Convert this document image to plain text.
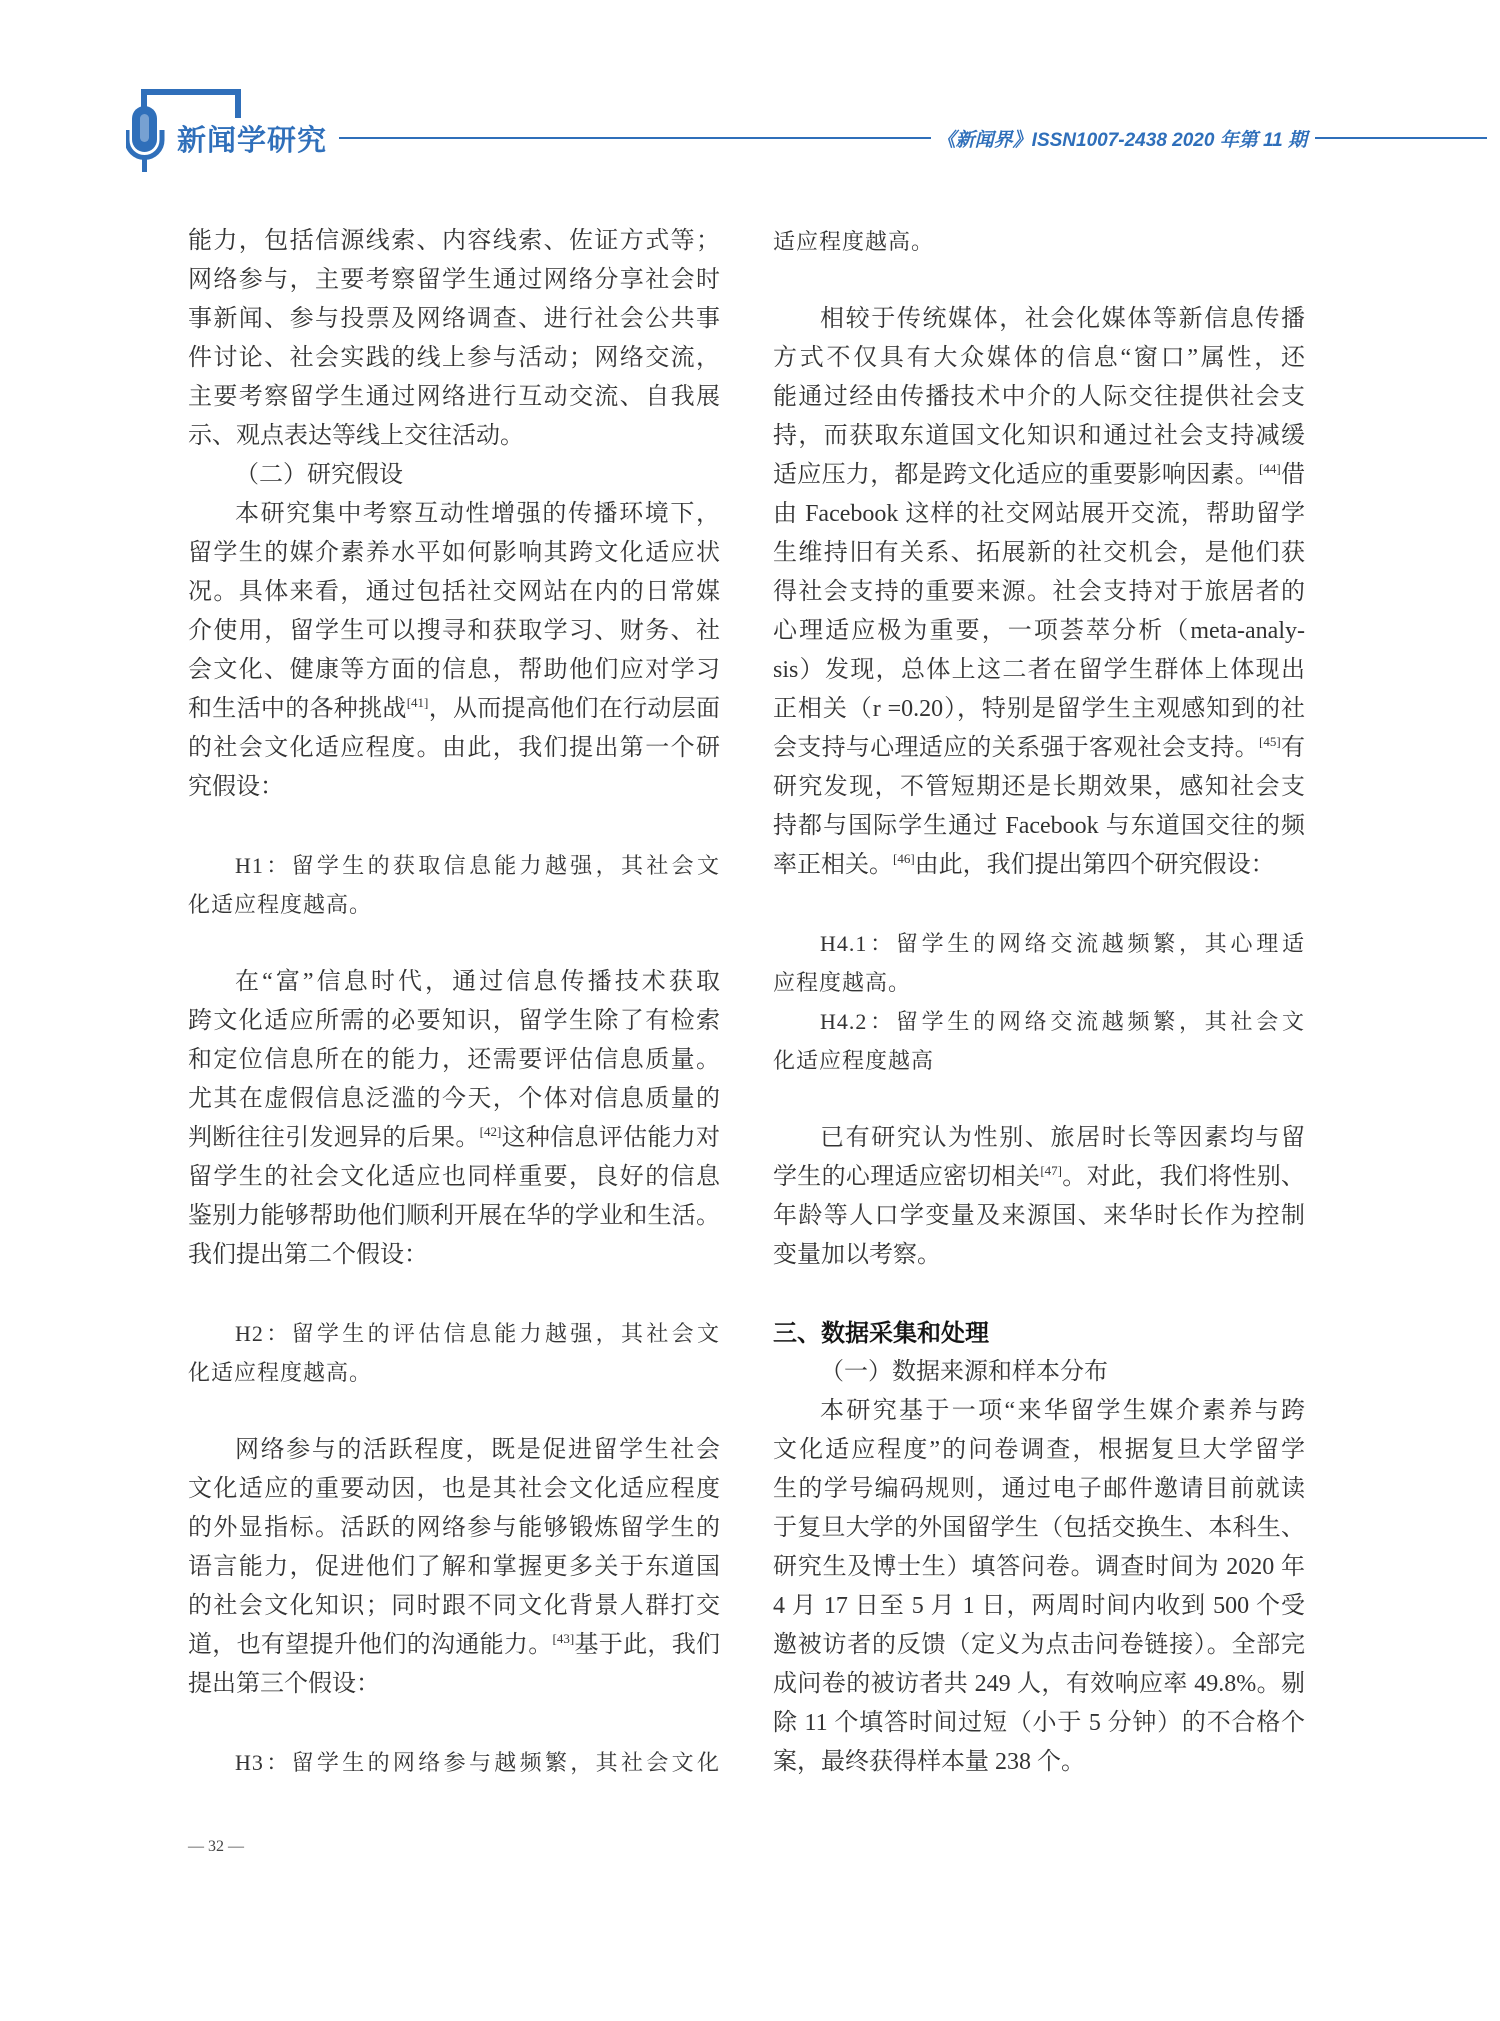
新闻学研究	《新闻界》ISSN1007-2438 2020 年第 11 期
能力，包括信源线索、内容线索、佐证方式等；
网络参与，主要考察留学生通过网络分享社会时
事新闻、参与投票及网络调查、进行社会公共事
件讨论、社会实践的线上参与活动；网络交流，
主要考察留学生通过网络进行互动交流、自我展
示、观点表达等线上交往活动。
（二）研究假设
本研究集中考察互动性增强的传播环境下，
留学生的媒介素养水平如何影响其跨文化适应状
况。具体来看，通过包括社交网站在内的日常媒
介使用，留学生可以搜寻和获取学习、财务、社
会文化、健康等方面的信息，帮助他们应对学习
和生活中的各种挑战[41]，从而提高他们在行动层面
的社会文化适应程度。由此，我们提出第一个研
究假设：
H1：留学生的获取信息能力越强，其社会文
化适应程度越高。
在“富”信息时代，通过信息传播技术获取
跨文化适应所需的必要知识，留学生除了有检索
和定位信息所在的能力，还需要评估信息质量。
尤其在虚假信息泛滥的今天，个体对信息质量的
判断往往引发迥异的后果。[42]这种信息评估能力对
留学生的社会文化适应也同样重要，良好的信息
鉴别力能够帮助他们顺利开展在华的学业和生活。
我们提出第二个假设：
H2：留学生的评估信息能力越强，其社会文
化适应程度越高。
网络参与的活跃程度，既是促进留学生社会
文化适应的重要动因，也是其社会文化适应程度
的外显指标。活跃的网络参与能够锻炼留学生的
语言能力，促进他们了解和掌握更多关于东道国
的社会文化知识；同时跟不同文化背景人群打交
道，也有望提升他们的沟通能力。[43]基于此，我们
提出第三个假设：
H3：留学生的网络参与越频繁，其社会文化
适应程度越高。
相较于传统媒体，社会化媒体等新信息传播
方式不仅具有大众媒体的信息“窗口”属性，还
能通过经由传播技术中介的人际交往提供社会支
持，而获取东道国文化知识和通过社会支持减缓
适应压力，都是跨文化适应的重要影响因素。[44]借
由 Facebook 这样的社交网站展开交流，帮助留学
生维持旧有关系、拓展新的社交机会，是他们获
得社会支持的重要来源。社会支持对于旅居者的
心理适应极为重要，一项荟萃分析（meta-analy-
sis）发现，总体上这二者在留学生群体上体现出
正相关（r =0.20），特别是留学生主观感知到的社
会支持与心理适应的关系强于客观社会支持。[45]有
研究发现，不管短期还是长期效果，感知社会支
持都与国际学生通过 Facebook 与东道国交往的频
率正相关。[46]由此，我们提出第四个研究假设：
H4.1：留学生的网络交流越频繁，其心理适
应程度越高。
H4.2：留学生的网络交流越频繁，其社会文
化适应程度越高
已有研究认为性别、旅居时长等因素均与留
学生的心理适应密切相关[47]。对此，我们将性别、
年龄等人口学变量及来源国、来华时长作为控制
变量加以考察。
三、数据采集和处理
（一）数据来源和样本分布
本研究基于一项“来华留学生媒介素养与跨
文化适应程度”的问卷调查，根据复旦大学留学
生的学号编码规则，通过电子邮件邀请目前就读
于复旦大学的外国留学生（包括交换生、本科生、
研究生及博士生）填答问卷。调查时间为 2020 年
4 月 17 日至 5 月 1 日，两周时间内收到 500 个受
邀被访者的反馈（定义为点击问卷链接）。全部完
成问卷的被访者共 249 人，有效响应率 49.8%。剔
除 11 个填答时间过短（小于 5 分钟）的不合格个
案，最终获得样本量 238 个。
— 32 —
